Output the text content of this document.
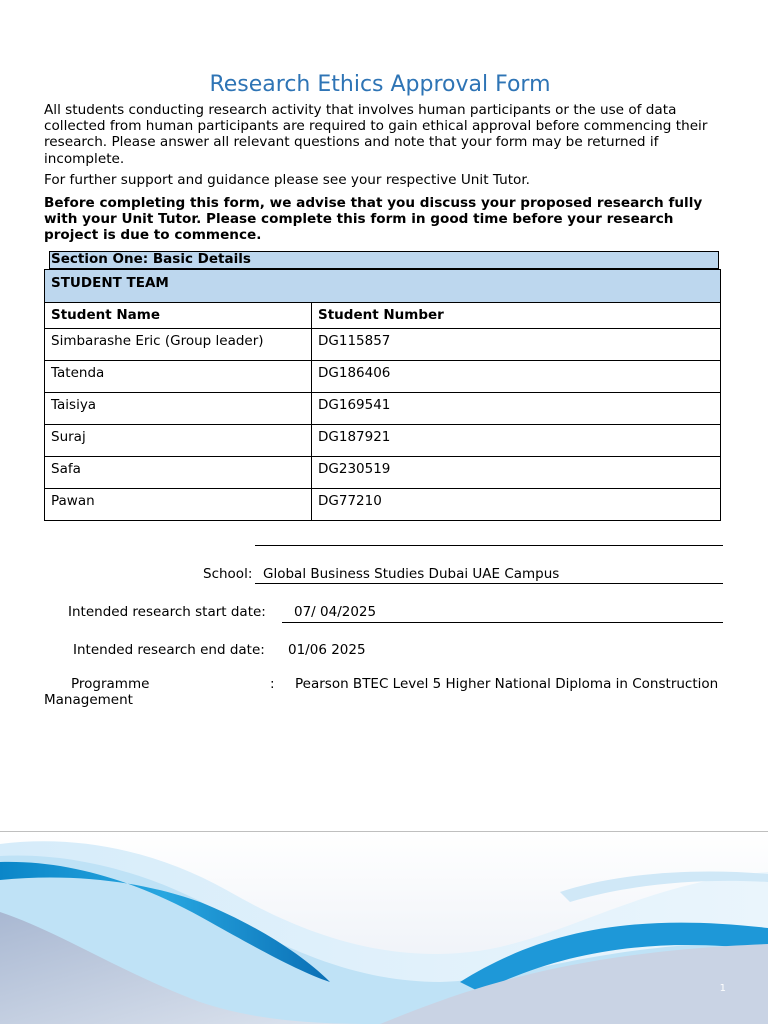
Research Ethics Approval Form
All students conducting research activity that involves human participants or the use of data collected from human participants are required to gain ethical approval before commencing their research. Please answer all relevant questions and note that your form may be returned if incomplete.
For further support and guidance please see your respective Unit Tutor.
Before completing this form, we advise that you discuss your proposed research fully with your Unit Tutor. Please complete this form in good time before your research project is due to commence.
Section One: Basic Details
STUDENT TEAM	
Student Name	Student Number
Simbarashe Eric (Group leader)	DG115857
Tatenda	DG186406
Taisiya	DG169541
Suraj	DG187921
Safa	DG230519
Pawan	DG77210
School: Global Business Studies Dubai UAE Campus
Intended research start date: 07/ 04/2025
Intended research end date: 01/06 2025
Programme	: Pearson BTEC Level 5 Higher National Diploma in Construction
Management
1
